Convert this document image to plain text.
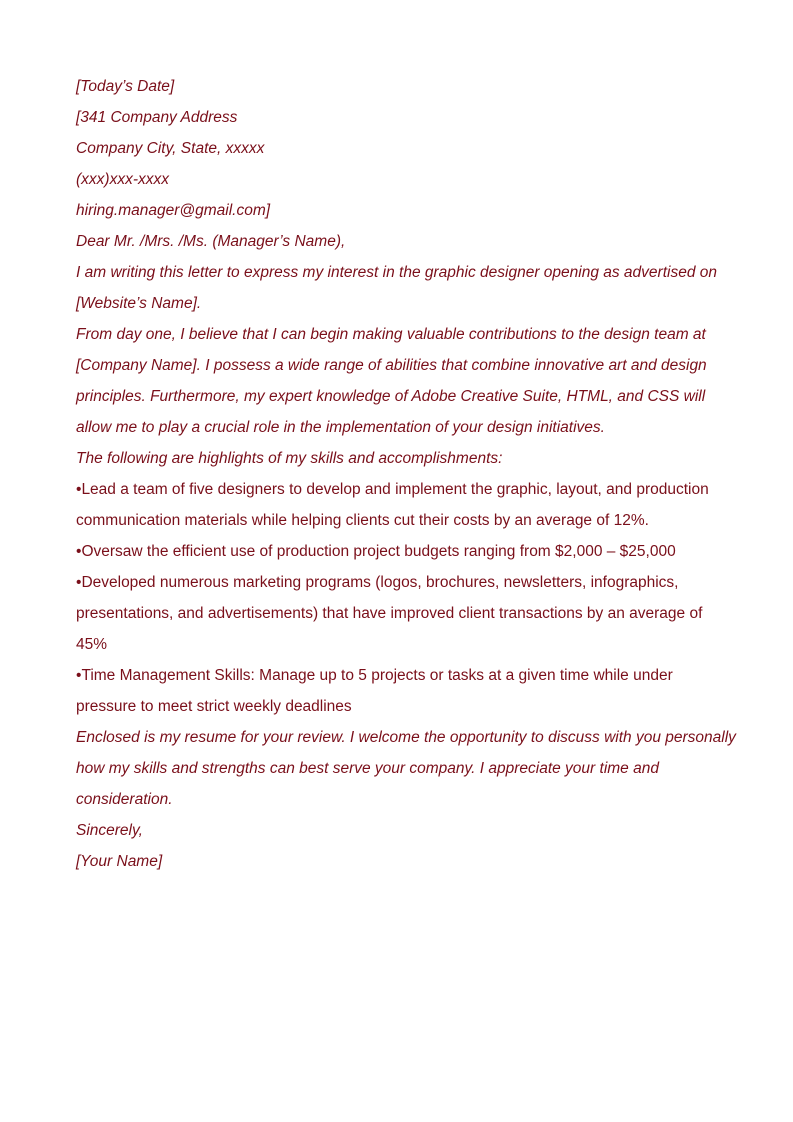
[Today’s Date]

[341 Company Address

Company City, State, xxxxx

(xxx)xxx-xxxx

hiring.manager@gmail.com]

Dear Mr. /Mrs. /Ms. (Manager’s Name),

I am writing this letter to express my interest in the graphic designer opening as advertised on [Website’s Name].

From day one, I believe that I can begin making valuable contributions to the design team at [Company Name]. I possess a wide range of abilities that combine innovative art and design principles. Furthermore, my expert knowledge of Adobe Creative Suite, HTML, and CSS will allow me to play a crucial role in the implementation of your design initiatives.

The following are highlights of my skills and accomplishments:

•Lead a team of five designers to develop and implement the graphic, layout, and production communication materials while helping clients cut their costs by an average of 12%.

•Oversaw the efficient use of production project budgets ranging from $2,000 – $25,000

•Developed numerous marketing programs (logos, brochures, newsletters, infographics, presentations, and advertisements) that have improved client transactions by an average of 45%

•Time Management Skills: Manage up to 5 projects or tasks at a given time while under pressure to meet strict weekly deadlines

Enclosed is my resume for your review. I welcome the opportunity to discuss with you personally how my skills and strengths can best serve your company. I appreciate your time and consideration.

Sincerely,

[Your Name]
